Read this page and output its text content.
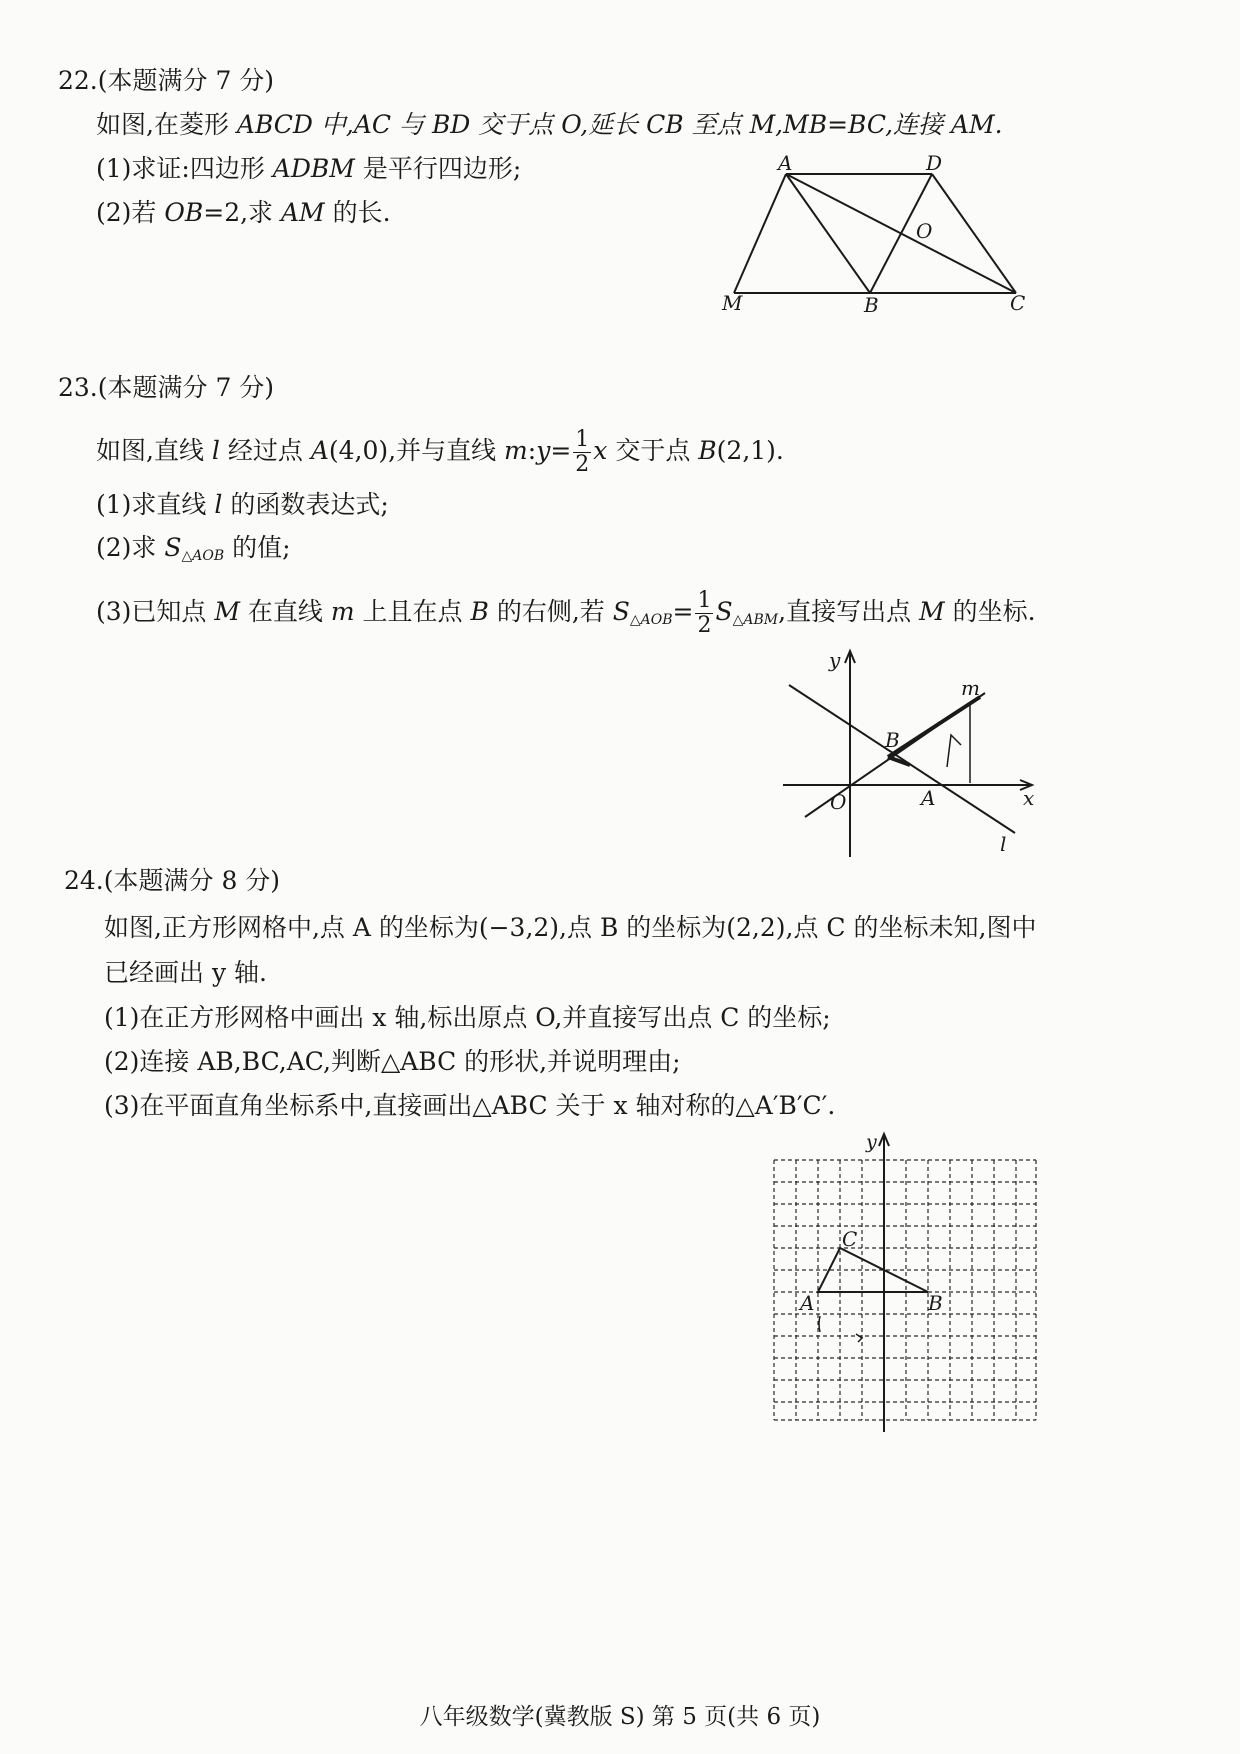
22.(本题满分 7 分)
如图,在菱形 ABCD 中,AC 与 BD 交于点 O,延长 CB 至点 M,MB=BC,连接 AM.
(1)求证:四边形 ADBM 是平行四边形;
(2)若 OB=2,求 AM 的长.
A	D
O
M	B	C
23.(本题满分 7 分)
如图,直线 l 经过点 A(4,0),并与直线 m:y= $\frac{1}{2}$ x 交于点 B(2,1).
(1)求直线 l 的函数表达式;
(2)求 $S_{\triangle AOB}$ 的值;
(3)已知点 M 在直线 m 上且在点 B 的右侧,若 $S_{\triangle AOB}= \frac{1}{2} S_{\triangle ABM}$,直接写出点 M 的坐标.
y
m
B
O	A	x
l
24.(本题满分 8 分)
如图,正方形网格中,点 A 的坐标为(−3,2),点 B 的坐标为(2,2),点 C 的坐标未知,图中
已经画出 y 轴.
(1)在正方形网格中画出 x 轴,标出原点 O,并直接写出点 C 的坐标;
(2)连接 AB,BC,AC,判断△ABC 的形状,并说明理由;
(3)在平面直角坐标系中,直接画出△ABC 关于 x 轴对称的△A′B′C′.
y
C
A	B
八年级数学(冀教版 S) 第 5 页(共 6 页)
